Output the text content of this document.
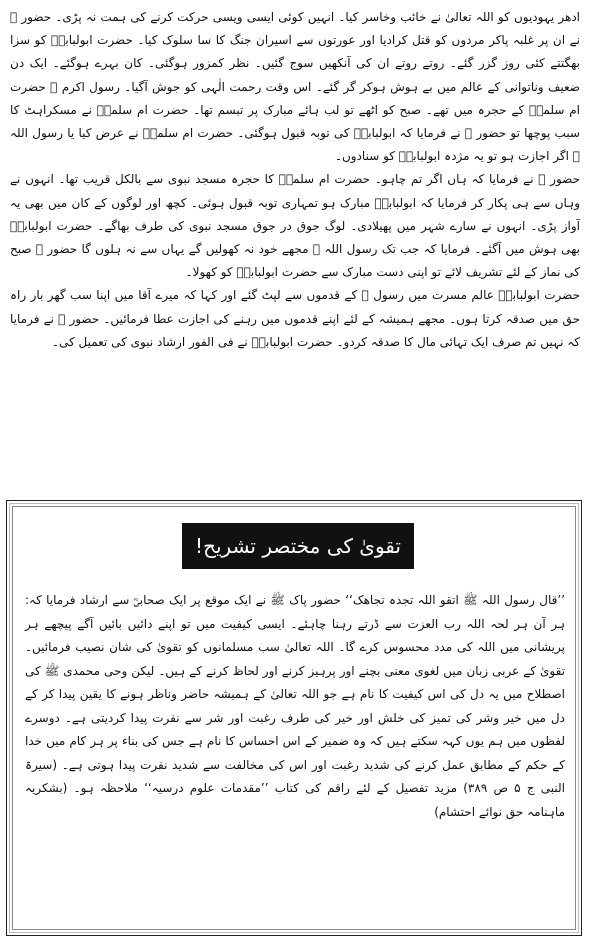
ادھر یہودیوں کو اللہ تعالیٰ نے خائب وخاسر کیا۔ انہیں کوئی ایسی ویسی حرکت کرنے کی ہمت نہ پڑی۔ حضور ﷺ نے ان پر غلبہ پاکر مردوں کو قتل کرادیا اور عورتوں سے اسیران جنگ کا سا سلوک کیا۔ حضرت ابولبابہؓ کو سزا بھگتتے کئی روز گزر گئے۔ روتے روتے ان کی آنکھیں سوج گئیں۔ نظر کمزور ہوگئی۔ کان بہرے ہوگئے۔ ایک دن ضعیف وناتوانی کے عالم میں بے ہوش ہوکر گر گئے۔ اس وقت رحمت الٰہی کو جوش آگیا۔ رسول اکرم ﷺ حضرت ام سلمہؓ کے حجرہ میں تھے۔ صبح کو اٹھے تو لب ہائے مبارک پر تبسم تھا۔ حضرت ام سلمہؓ نے مسکراہٹ کا سبب پوچھا تو حضور ﷺ نے فرمایا کہ ابولبابہؓ کی توبہ قبول ہوگئی۔ حضرت ام سلمہؓ نے عرض کیا یا رسول اللہ ﷺ اگر اجازت ہو تو یہ مژدہ ابولبابہؓ کو سنادوں۔

حضور ﷺ نے فرمایا کہ ہاں اگر تم چاہو۔ حضرت ام سلمہؓ کا حجرہ مسجد نبوی سے بالکل قریب تھا۔ انہوں نے وہاں سے ہی پکار کر فرمایا کہ ابولبابہؓ مبارک ہو تمہاری توبہ قبول ہوئی۔ کچھ اور لوگوں کے کان میں بھی یہ آواز پڑی۔ انہوں نے سارے شہر میں پھیلادی۔ لوگ جوق در جوق مسجد نبوی کی طرف بھاگے۔ حضرت ابولبابہؓ بھی ہوش میں آگئے۔ فرمایا کہ جب تک رسول اللہ ﷺ مجھے خود نہ کھولیں گے یہاں سے نہ ہلوں گا حضور ﷺ صبح کی نماز کے لئے تشریف لائے تو اپنی دست مبارک سے حضرت ابولبابہؓ کو کھولا۔

حضرت ابولبابہؓ عالم مسرت میں رسول ﷺ کے قدموں سے لپٹ گئے اور کہا کہ میرے آقا میں اپنا سب گھر بار راہ حق میں صدقہ کرتا ہوں۔ مجھے ہمیشہ کے لئے اپنے قدموں میں رہنے کی اجازت عطا فرمائیں۔ حضور ﷺ نے فرمایا کہ نہیں تم صرف ایک تہائی مال کا صدقہ کردو۔ حضرت ابولبابہؓ نے فی الفور ارشاد نبوی کی تعمیل کی۔

تقویٰ کی مختصر تشریح!

’’قال رسول اللہ ﷺ اتقو اللہ تجدہ تجاھک‘‘ حضور پاک ﷺ نے ایک موقع پر ایک صحابیؓ سے ارشاد فرمایا کہ: ہر آن ہر لحہ اللہ رب العزت سے ڈرتے رہنا چاہئے۔ ایسی کیفیت میں تو اپنے دائیں بائیں آگے پیچھے ہر پریشانی میں اللہ کی مدد محسوس کرے گا۔ اللہ تعالیٰ سب مسلمانوں کو تقویٰ کی شان نصیب فرمائیں۔ تقویٰ کے عربی زبان میں لغوی معنی بچنے اور پرہیز کرنے اور لحاظ کرنے کے ہیں۔ لیکن وحی محمدی ﷺ کی اصطلاح میں یہ دل کی اس کیفیت کا نام ہے جو اللہ تعالیٰ کے ہمیشہ حاضر وناظر ہونے کا یقین پیدا کر کے دل میں خیر وشر کی تمیز کی خلش اور خیر کی طرف رغبت اور شر سے نفرت پیدا کردیتی ہے۔ دوسرے لفظوں میں ہم یوں کہہ سکتے ہیں کہ وہ ضمیر کے اس احساس کا نام ہے جس کی بناء پر ہر کام میں خدا کے حکم کے مطابق عمل کرنے کی شدید رغبت اور اس کی مخالفت سے شدید نفرت پیدا ہوتی ہے۔ (سیرۃ النبی ج ۵ ص ۳۸۹) مزید تفصیل کے لئے راقم کی کتاب ’’مقدمات علوم درسیہ‘‘ ملاحظہ ہو۔ (بشکریہ ماہنامہ حق نوائے احتشام)
